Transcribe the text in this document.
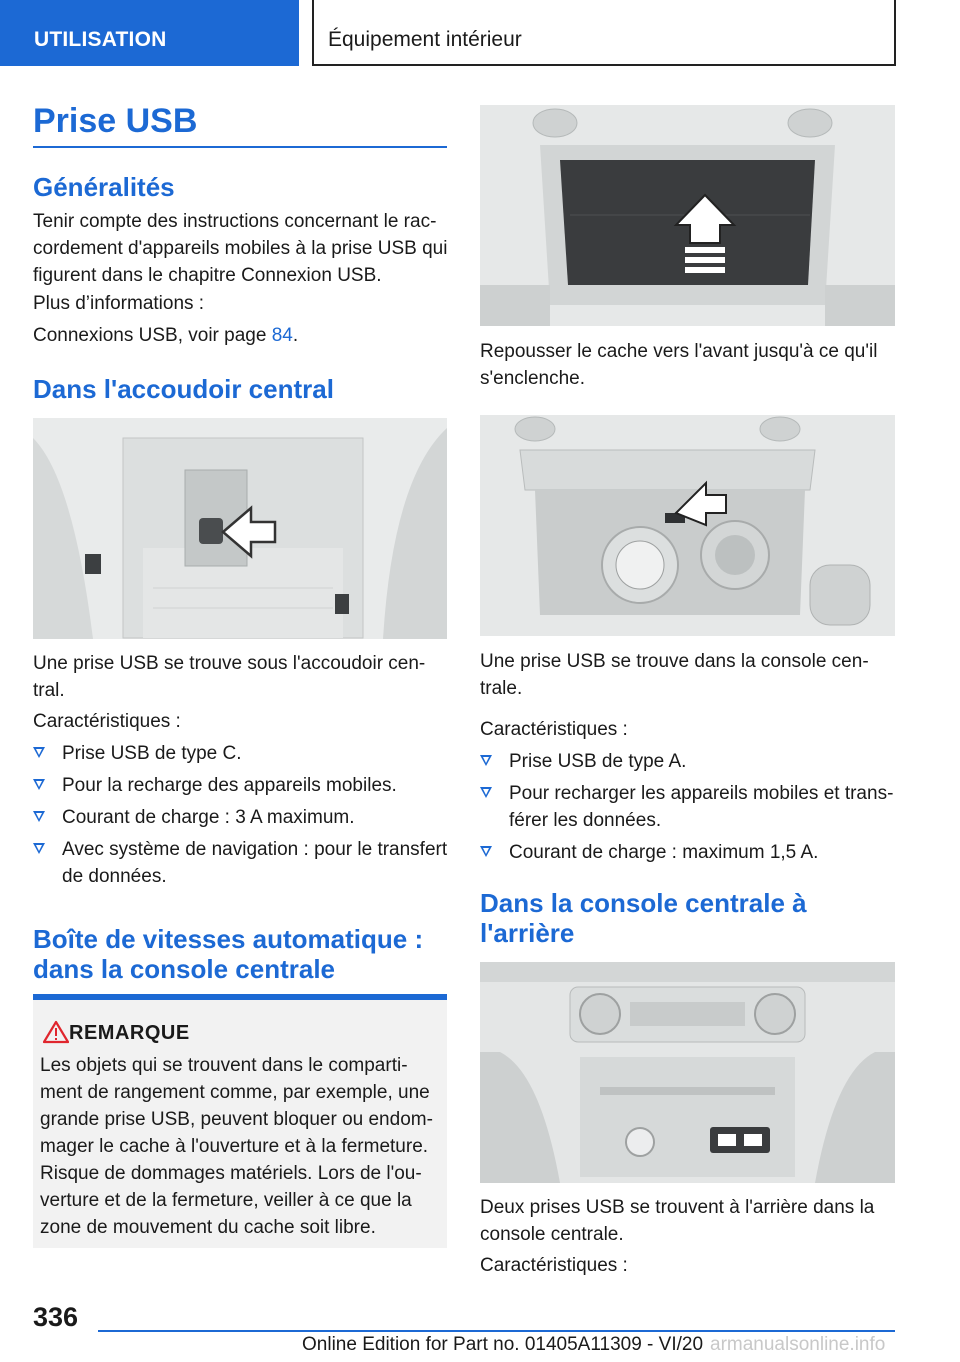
UTILISATION	Équipement intérieur
Prise USB
Généralités
Tenir compte des instructions concernant le rac-cordement d'appareils mobiles à la prise USB qui figurent dans le chapitre Connexion USB.
Plus d’informations :
Connexions USB, voir page 84.
Dans l'accoudoir central
Une prise USB se trouve sous l'accoudoir cen-tral.
Caractéristiques :
Prise USB de type C.
Pour la recharge des appareils mobiles.
Courant de charge : 3 A maximum.
Avec système de navigation : pour le transfert de données.
Boîte de vitesses automatique : dans la console centrale
REMARQUE
Les objets qui se trouvent dans le comparti-ment de rangement comme, par exemple, une grande prise USB, peuvent bloquer ou endom-mager le cache à l'ouverture et à la fermeture. Risque de dommages matériels. Lors de l'ou-verture et de la fermeture, veiller à ce que la zone de mouvement du cache soit libre.
Repousser le cache vers l'avant jusqu'à ce qu'il s'enclenche.
Une prise USB se trouve dans la console cen-trale.
Caractéristiques :
Prise USB de type A.
Pour recharger les appareils mobiles et trans-férer les données.
Courant de charge : maximum 1,5 A.
Dans la console centrale à l'arrière
Deux prises USB se trouvent à l'arrière dans la console centrale.
Caractéristiques :
336
Online Edition for Part no. 01405A11309 - VI/20 armanualsonline.info
